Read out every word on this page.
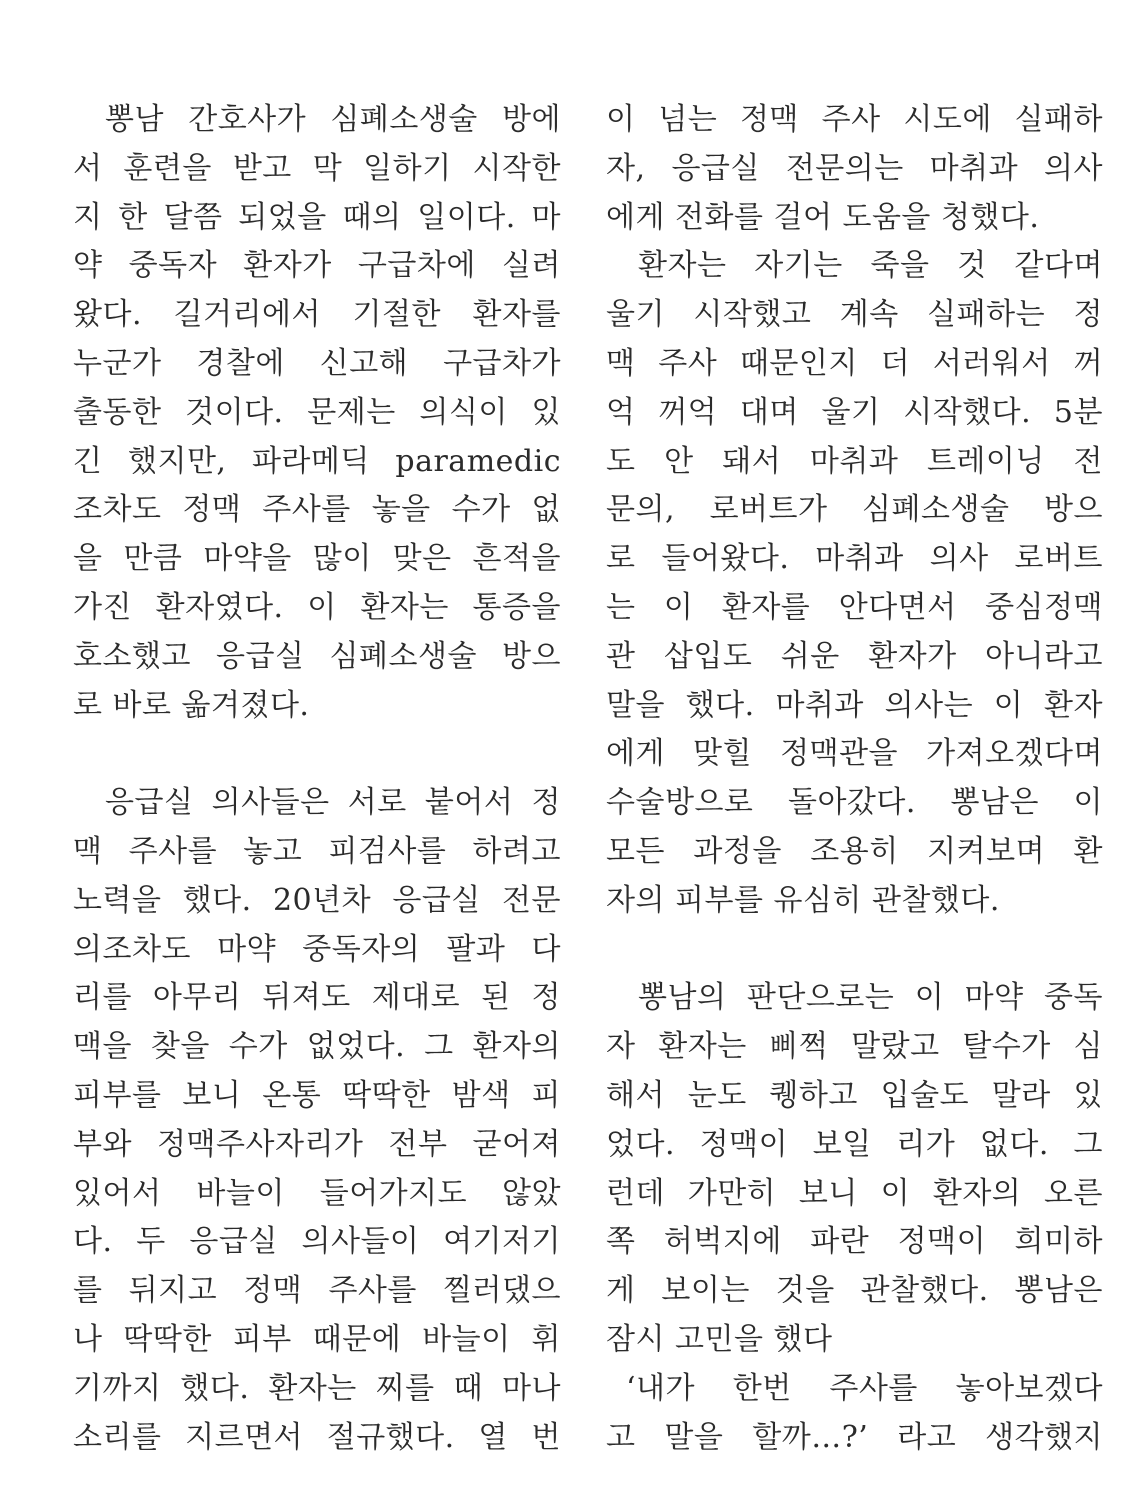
뽕남 간호사가 심폐소생술 방에
서 훈련을 받고 막 일하기 시작한
지 한 달쯤 되었을 때의 일이다. 마
약 중독자 환자가 구급차에 실려
왔다. 길거리에서 기절한 환자를
누군가 경찰에 신고해 구급차가
출동한 것이다. 문제는 의식이 있
긴 했지만, 파라메딕 paramedic
조차도 정맥 주사를 놓을 수가 없
을 만큼 마약을 많이 맞은 흔적을
가진 환자였다. 이 환자는 통증을
호소했고 응급실 심폐소생술 방으
로 바로 옮겨졌다.
응급실 의사들은 서로 붙어서 정
맥 주사를 놓고 피검사를 하려고
노력을 했다. 20년차 응급실 전문
의조차도 마약 중독자의 팔과 다
리를 아무리 뒤져도 제대로 된 정
맥을 찾을 수가 없었다. 그 환자의
피부를 보니 온통 딱딱한 밤색 피
부와 정맥주사자리가 전부 굳어져
있어서 바늘이 들어가지도 않았
다. 두 응급실 의사들이 여기저기
를 뒤지고 정맥 주사를 찔러댔으
나 딱딱한 피부 때문에 바늘이 휘
기까지 했다. 환자는 찌를 때 마나
소리를 지르면서 절규했다. 열 번
이 넘는 정맥 주사 시도에 실패하
자, 응급실 전문의는 마취과 의사
에게 전화를 걸어 도움을 청했다.
환자는 자기는 죽을 것 같다며
울기 시작했고 계속 실패하는 정
맥 주사 때문인지 더 서러워서 꺼
억 꺼억 대며 울기 시작했다. 5분
도 안 돼서 마취과 트레이닝 전
문의, 로버트가 심폐소생술 방으
로 들어왔다. 마취과 의사 로버트
는 이 환자를 안다면서 중심정맥
관 삽입도 쉬운 환자가 아니라고
말을 했다. 마취과 의사는 이 환자
에게 맞힐 정맥관을 가져오겠다며
수술방으로 돌아갔다. 뽕남은 이
모든 과정을 조용히 지켜보며 환
자의 피부를 유심히 관찰했다.
뽕남의 판단으로는 이 마약 중독
자 환자는 삐쩍 말랐고 탈수가 심
해서 눈도 퀭하고 입술도 말라 있
었다. 정맥이 보일 리가 없다. 그
런데 가만히 보니 이 환자의 오른
쪽 허벅지에 파란 정맥이 희미하
게 보이는 것을 관찰했다. 뽕남은
잠시 고민을 했다
‘내가 한번 주사를 놓아보겠다
고 말을 할까…?’ 라고 생각했지
